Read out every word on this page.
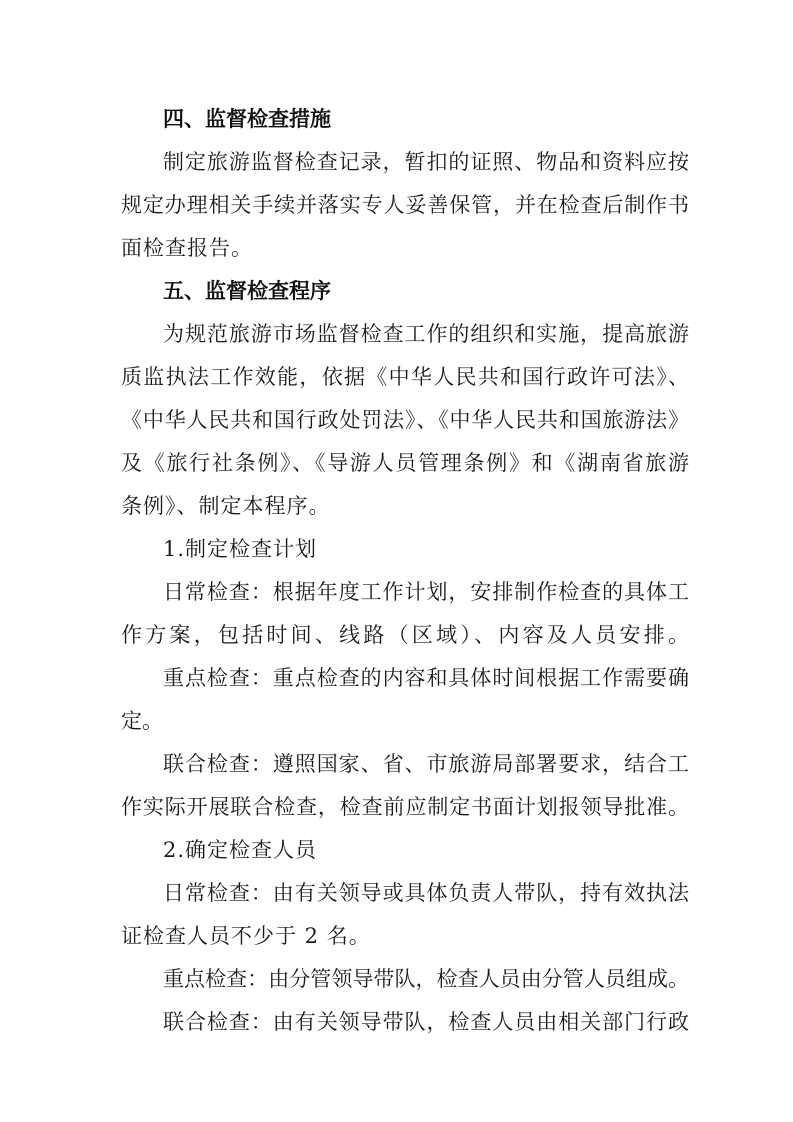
四、监督检查措施
制定旅游监督检查记录，暂扣的证照、物品和资料应按
规定办理相关手续并落实专人妥善保管，并在检查后制作书
面检查报告。
五、监督检查程序
为规范旅游市场监督检查工作的组织和实施，提高旅游
质监执法工作效能，依据《中华人民共和国行政许可法》、
《中华人民共和国行政处罚法》、《中华人民共和国旅游法》
及《旅行社条例》、《导游人员管理条例》和《湖南省旅游
条例》、制定本程序。
1.制定检查计划
日常检查：根据年度工作计划，安排制作检查的具体工
作方案，包括时间、线路（区域）、内容及人员安排。
重点检查：重点检查的内容和具体时间根据工作需要确
定。
联合检查：遵照国家、省、市旅游局部署要求，结合工
作实际开展联合检查，检查前应制定书面计划报领导批准。
2.确定检查人员
日常检查：由有关领导或具体负责人带队，持有效执法
证检查人员不少于 2 名。
重点检查：由分管领导带队，检查人员由分管人员组成。
联合检查：由有关领导带队，检查人员由相关部门行政
